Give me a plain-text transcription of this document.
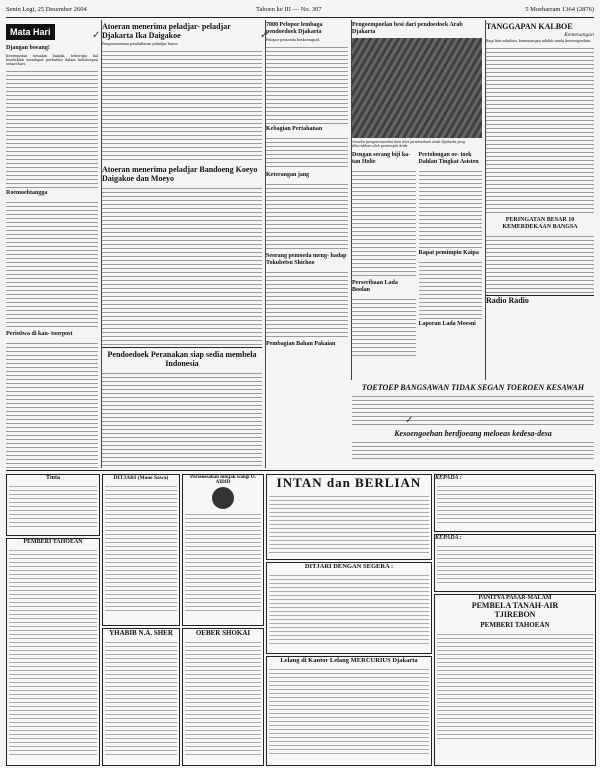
Senin Legi, 25 Desember 2604	Tahoen ke III — No. 307	5 Moeharram 1364 (2876)
Mata Hari
Djangan boeang!

Kesempatan semakin banjak, beberapa hal hendaklah mendapat perhatian dalam kehidoepan sehari-hari.

Roemoehtangga
Peristiwa di kan- toorpost
Atoeran menerima peladjar- peladjar Djakarta Ika Daigakoe

Pengoemoeman pendaftaran peladjar baroe.

Atoeran menerima peladjar Bandoeng Koeyo Daigakoe dan Moeyo
Pendoedoek Peranakan siap sedia membela Indonesia
7000 Pelopor lembaga pendoedoek Djakarta

Pelopor pemoeda berkoempoel.

Kebagian Pertahanan
Keterangan jang
Seorang pemoeda meng- hadap Tokubetsu Shichoo
Pembagian Bahan Pakaian
Pengoempoelan besi dari pendoedoek Arab Djakarta
Oesaha pengoempoelan besi dari pendoedoek Arab Djakarta jang dikerahkan oleh pemimpin Arab.
Dengan serang biji ka- tan Holie
Perseribaan Lada Boolan
Pertolongan oe- toek Dahlan Tingkat Asisten
Rapat pemimpin Kaipa
Laporan Lada Moesni
TANGGAPAN KALBOE
Kemenangan

Bagi kita sekalian, kemenangan adalah tanda kesoengoehan.

PERINGATAN BESAR 10 KEMERDEKAAN BANGSA
Radio Radio
TOETOEP BANGSAWAN TIDAK SEGAN TOEROEN KESAWAH
Kesoengoehan berdjoeang meloeas kedesa-desa
Tinta
PEMBERI TAHOEAN
DITJARI (Maoe Sawa)
YHABIB N.A. SHER
Perseoesahan minjak wangi O. AIDID
OEBER SHOKAI
INTAN dan BERLIAN
DITJARI DENGAN SEGERA :
Lelang di Kantor Lelang MERCURIUS Djakarta
KEPADA :
KEPADA :
PANITYA PASAR-MALAM
PEMBELA TANAH-AIR
TJIREBON
PEMBERI TAHOEAN
✓	✓
✓
